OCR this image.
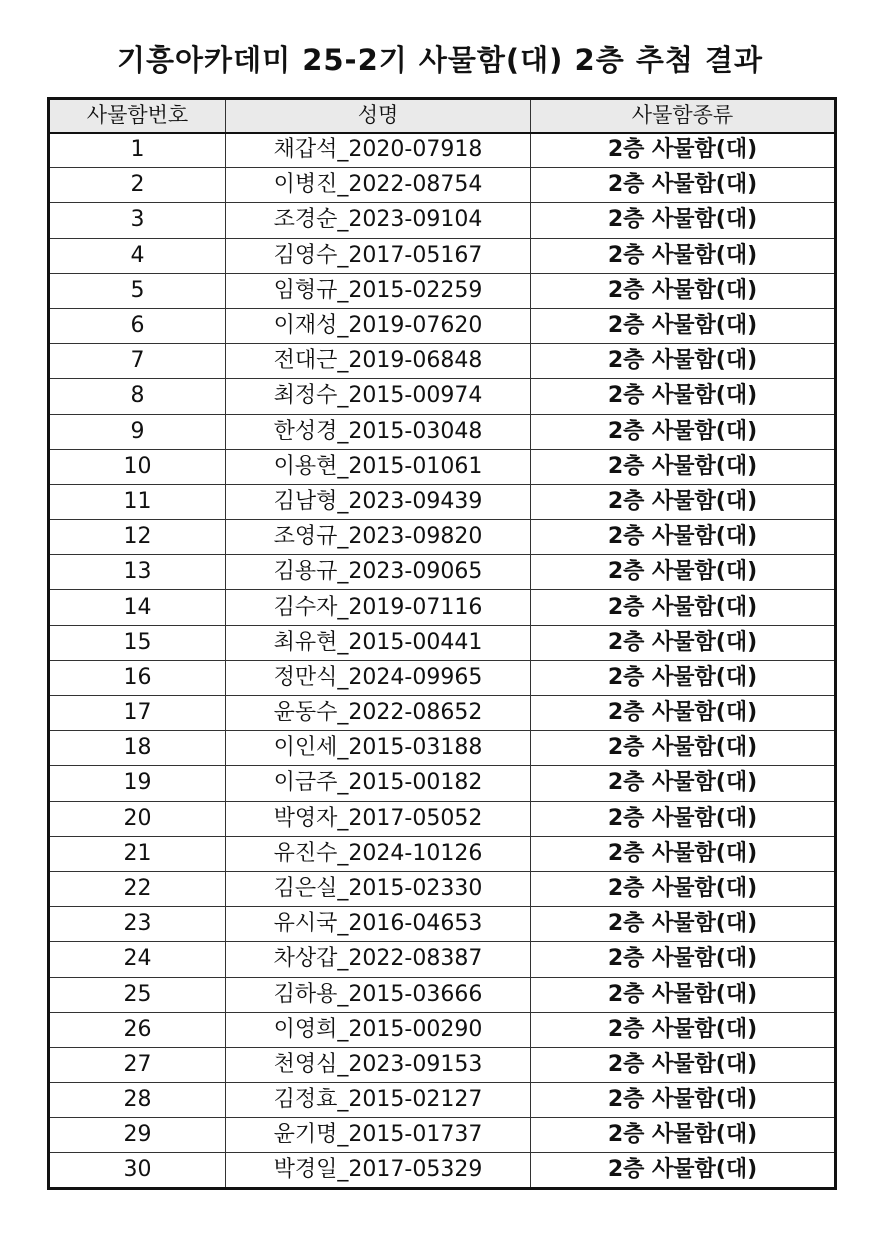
기흥아카데미 25-2기 사물함(대) 2층 추첨 결과
사물함번호	성명	사물함종류
1	채갑석_2020-07918	2층 사물함(대)
2	이병진_2022-08754	2층 사물함(대)
3	조경순_2023-09104	2층 사물함(대)
4	김영수_2017-05167	2층 사물함(대)
5	임형규_2015-02259	2층 사물함(대)
6	이재성_2019-07620	2층 사물함(대)
7	전대근_2019-06848	2층 사물함(대)
8	최정수_2015-00974	2층 사물함(대)
9	한성경_2015-03048	2층 사물함(대)
10	이용현_2015-01061	2층 사물함(대)
11	김남형_2023-09439	2층 사물함(대)
12	조영규_2023-09820	2층 사물함(대)
13	김용규_2023-09065	2층 사물함(대)
14	김수자_2019-07116	2층 사물함(대)
15	최유현_2015-00441	2층 사물함(대)
16	정만식_2024-09965	2층 사물함(대)
17	윤동수_2022-08652	2층 사물함(대)
18	이인세_2015-03188	2층 사물함(대)
19	이금주_2015-00182	2층 사물함(대)
20	박영자_2017-05052	2층 사물함(대)
21	유진수_2024-10126	2층 사물함(대)
22	김은실_2015-02330	2층 사물함(대)
23	유시국_2016-04653	2층 사물함(대)
24	차상갑_2022-08387	2층 사물함(대)
25	김하용_2015-03666	2층 사물함(대)
26	이영희_2015-00290	2층 사물함(대)
27	천영심_2023-09153	2층 사물함(대)
28	김정효_2015-02127	2층 사물함(대)
29	윤기명_2015-01737	2층 사물함(대)
30	박경일_2017-05329	2층 사물함(대)
